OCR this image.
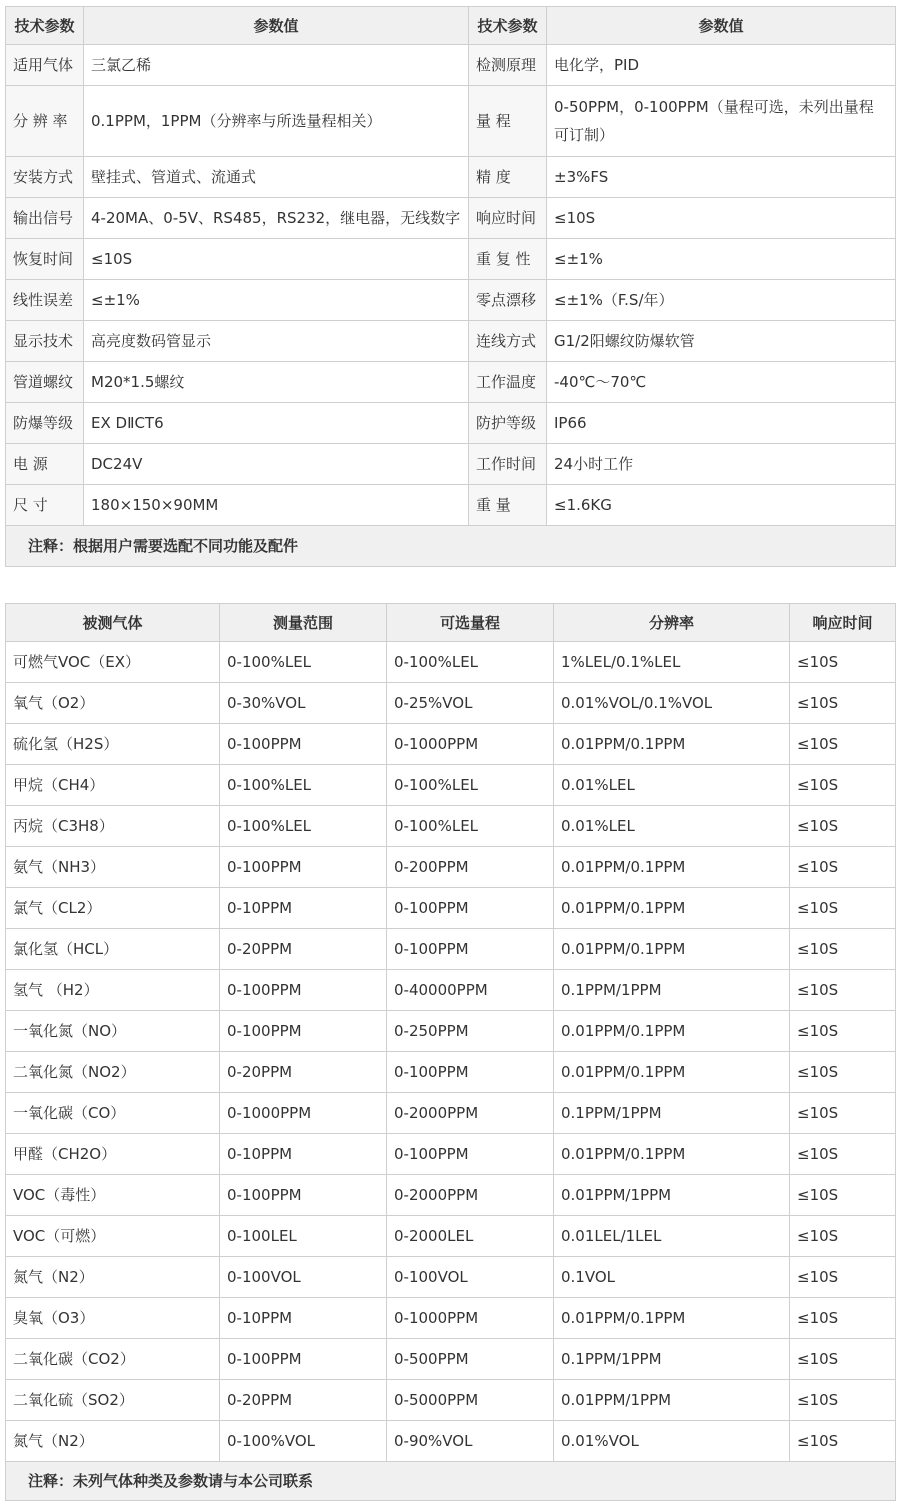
技术参数	参数值	技术参数	参数值
适用气体	三氯乙稀	检测原理	电化学，PID
分 辨 率	0.1PPM，1PPM（分辨率与所选量程相关）	量 程	0-50PPM，0-100PPM（量程可选，未列出量程可订制）
安装方式	壁挂式、管道式、流通式	精 度	±3%FS
输出信号	4-20MA、0-5V、RS485，RS232，继电器，无线数字	响应时间	≤10S
恢复时间	≤10S	重 复 性	≤±1%
线性误差	≤±1%	零点漂移	≤±1%（F.S/年）
显示技术	高亮度数码管显示	连线方式	G1/2阳螺纹防爆软管
管道螺纹	M20*1.5螺纹	工作温度	-40℃～70℃
防爆等级	EX DⅡCT6	防护等级	IP66
电 源	DC24V	工作时间	24小时工作
尺 寸	180×150×90MM	重 量	≤1.6KG
注释：根据用户需要选配不同功能及配件			
被测气体	测量范围	可选量程	分辨率	响应时间
可燃气VOC（EX）	0-100%LEL	0-100%LEL	1%LEL/0.1%LEL	≤10S
氧气（O2）	0-30%VOL	0-25%VOL	0.01%VOL/0.1%VOL	≤10S
硫化氢（H2S）	0-100PPM	0-1000PPM	0.01PPM/0.1PPM	≤10S
甲烷（CH4）	0-100%LEL	0-100%LEL	0.01%LEL	≤10S
丙烷（C3H8）	0-100%LEL	0-100%LEL	0.01%LEL	≤10S
氨气（NH3）	0-100PPM	0-200PPM	0.01PPM/0.1PPM	≤10S
氯气（CL2）	0-10PPM	0-100PPM	0.01PPM/0.1PPM	≤10S
氯化氢（HCL）	0-20PPM	0-100PPM	0.01PPM/0.1PPM	≤10S
氢气 （H2）	0-100PPM	0-40000PPM	0.1PPM/1PPM	≤10S
一氧化氮（NO）	0-100PPM	0-250PPM	0.01PPM/0.1PPM	≤10S
二氧化氮（NO2）	0-20PPM	0-100PPM	0.01PPM/0.1PPM	≤10S
一氧化碳（CO）	0-1000PPM	0-2000PPM	0.1PPM/1PPM	≤10S
甲醛（CH2O）	0-10PPM	0-100PPM	0.01PPM/0.1PPM	≤10S
VOC（毒性）	0-100PPM	0-2000PPM	0.01PPM/1PPM	≤10S
VOC（可燃）	0-100LEL	0-2000LEL	0.01LEL/1LEL	≤10S
氮气（N2）	0-100VOL	0-100VOL	0.1VOL	≤10S
臭氧（O3）	0-10PPM	0-1000PPM	0.01PPM/0.1PPM	≤10S
二氧化碳（CO2）	0-100PPM	0-500PPM	0.1PPM/1PPM	≤10S
二氧化硫（SO2）	0-20PPM	0-5000PPM	0.01PPM/1PPM	≤10S
氮气（N2）	0-100%VOL	0-90%VOL	0.01%VOL	≤10S
注释：未列气体种类及参数请与本公司联系				
